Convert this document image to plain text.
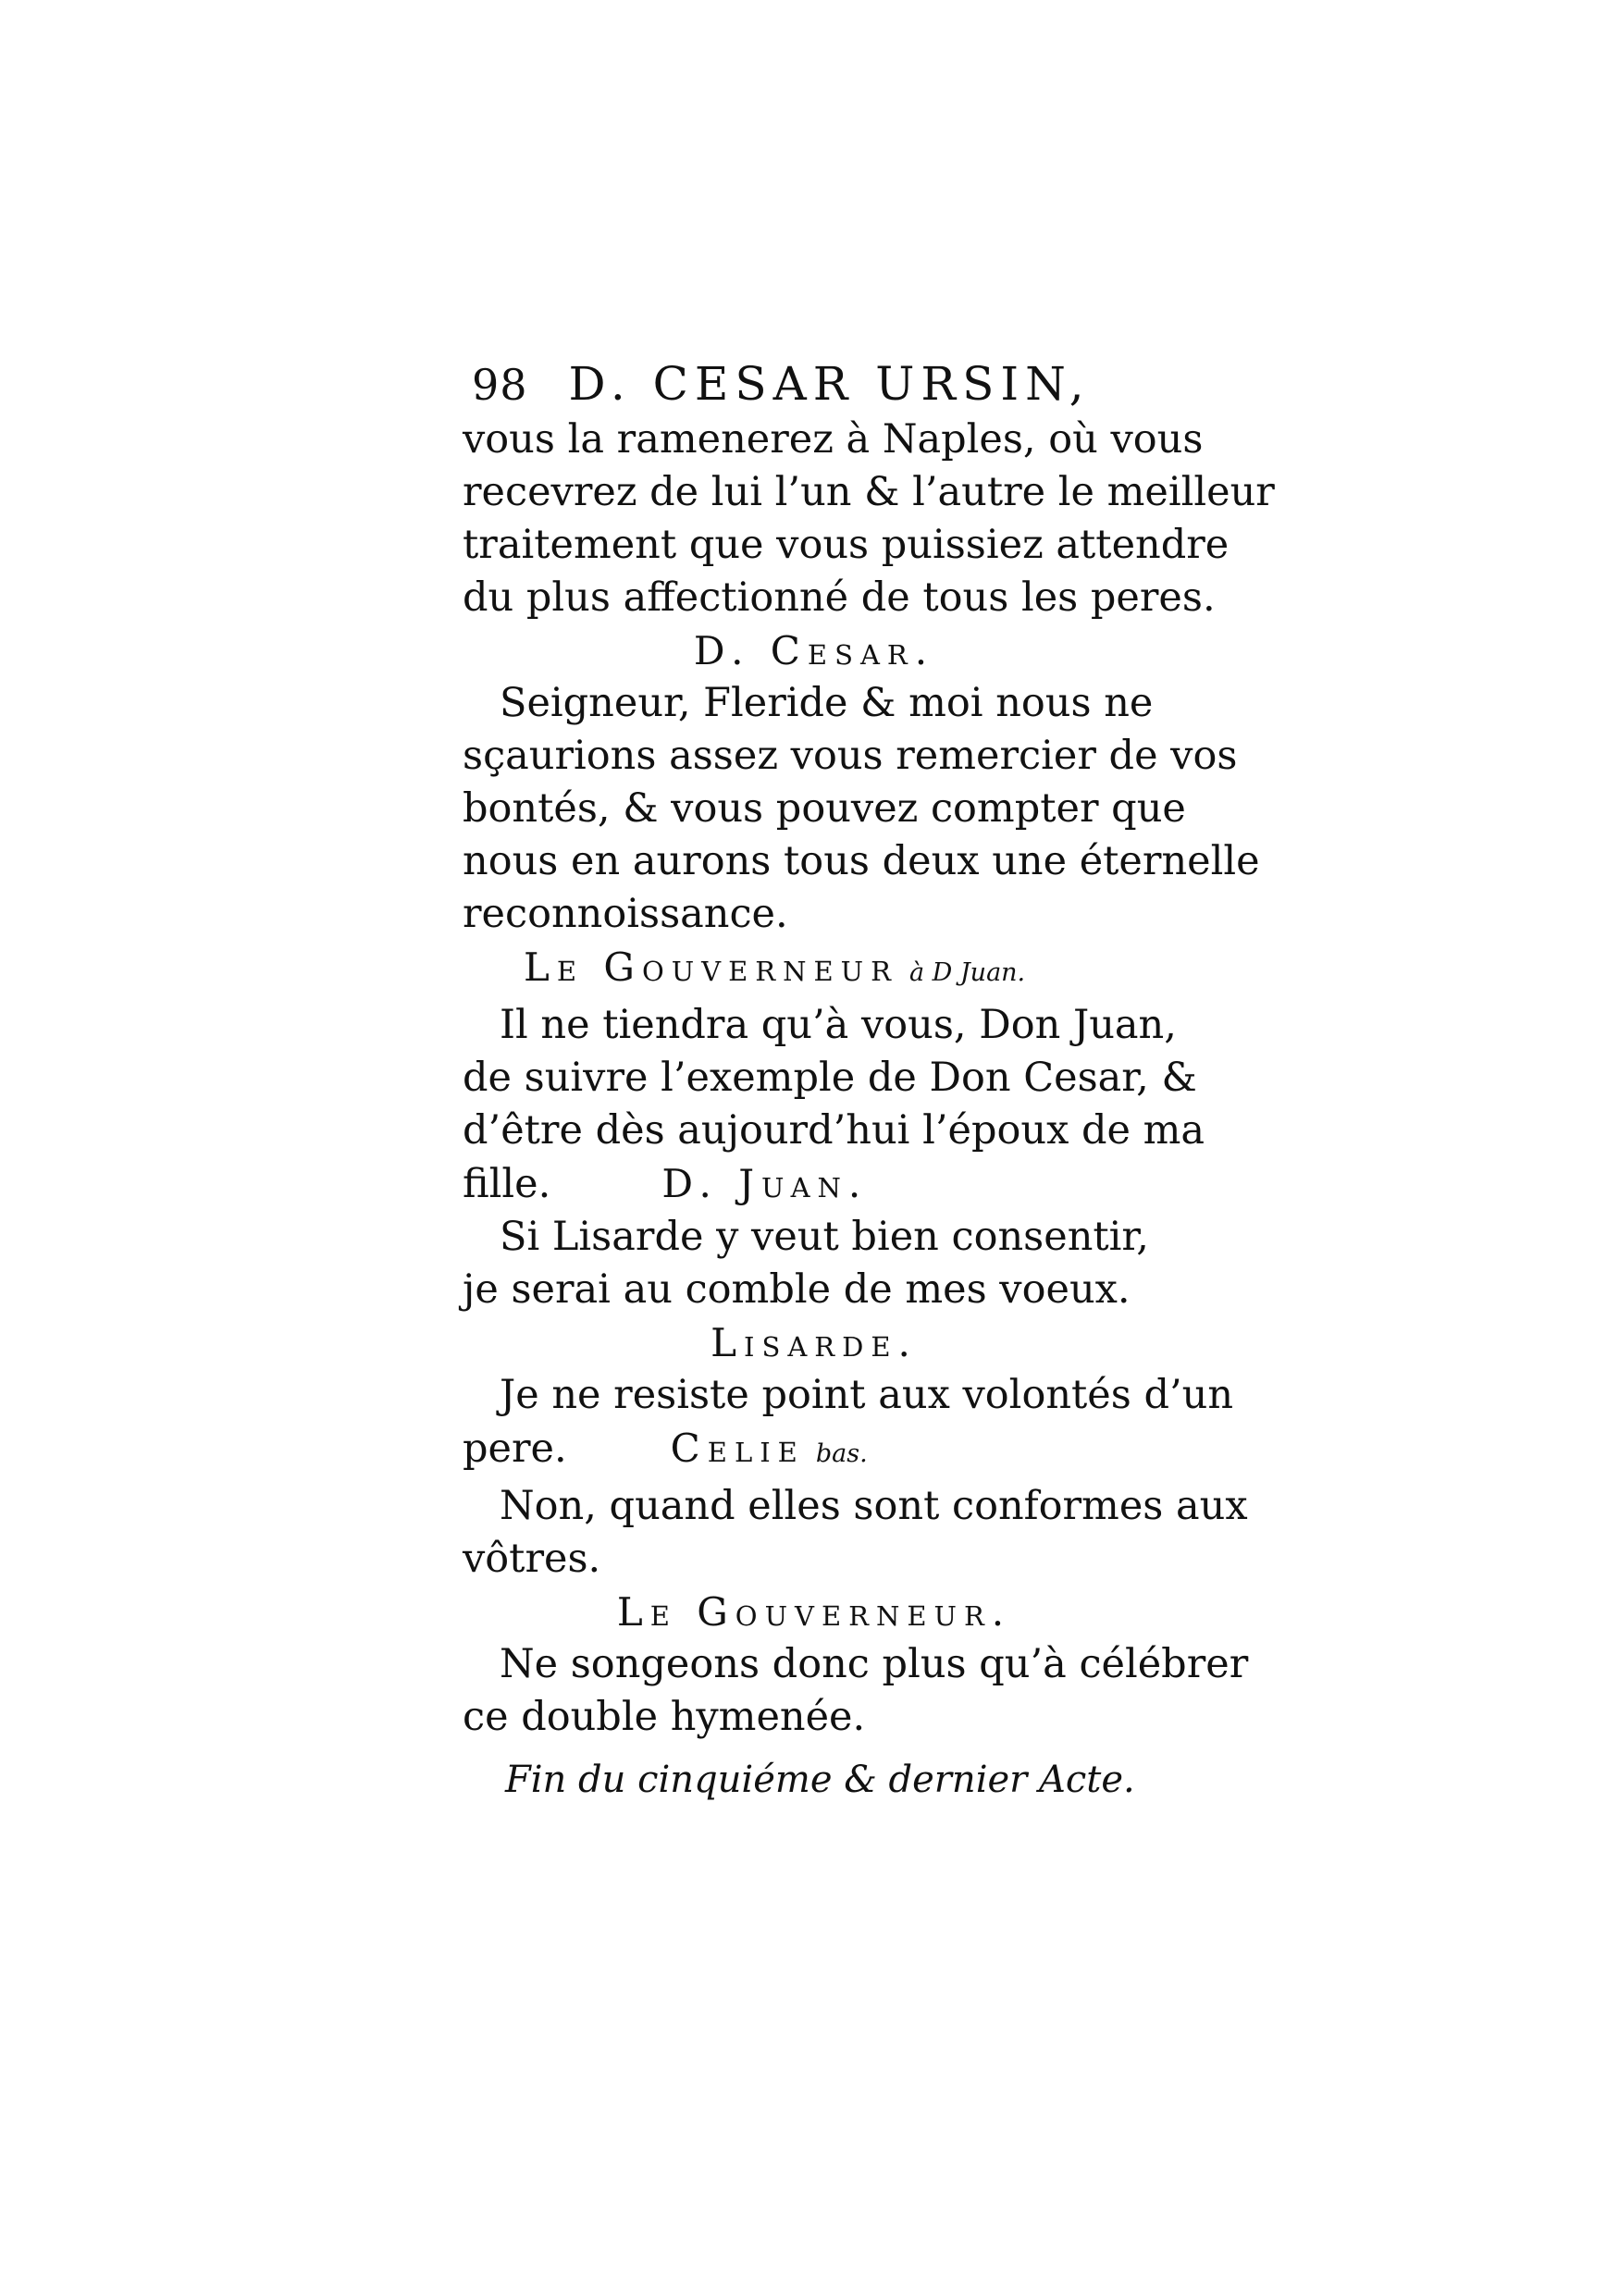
98 D. CESAR URSIN,
vous la ramenerez à Naples, où vous
recevrez de lui l’un & l’autre le meilleur
traitement que vous puissiez attendre
du plus affectionné de tous les peres.
D. Cesar.
Seigneur, Fleride & moi nous ne
sçaurions assez vous remercier de vos
bontés, & vous pouvez compter que
nous en aurons tous deux une éternelle
reconnoissance.
Le Gouverneur à D Juan.
Il ne tiendra qu’à vous, Don Juan,
de suivre l’exemple de Don Cesar, &
d’être dès aujourd’hui l’époux de ma
fille.	D. Juan.
Si Lisarde y veut bien consentir,
je serai au comble de mes voeux.
Lisarde.
Je ne resiste point aux volontés d’un
pere.	Celie bas.
Non, quand elles sont conformes aux
vôtres.
Le Gouverneur.
Ne songeons donc plus qu’à célébrer
ce double hymenée.
Fin du cinquiéme & dernier Acte.
